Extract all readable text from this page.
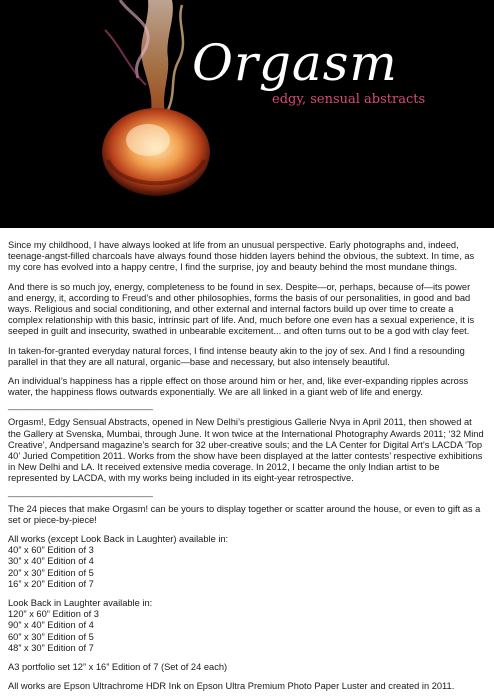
Orgasm
edgy, sensual abstracts

Since my childhood, I have always looked at life from an unusual perspective. Early photographs and, indeed, teenage-angst-filled charcoals have always found those hidden layers behind the obvious, the subtext. In time, as my core has evolved into a happy centre, I find the surprise, joy and beauty behind the most mundane things.

And there is so much joy, energy, completeness to be found in sex. Despite—or, perhaps, because of—its power and energy, it, according to Freud’s and other philosophies, forms the basis of our personalities, in good and bad ways. Religious and social conditioning, and other external and internal factors build up over time to create a complex relationship with this basic, intrinsic part of life. And, much before one even has a sexual experience, it is seeped in guilt and insecurity, swathed in unbearable excitement... and often turns out to be a god with clay feet.

In taken-for-granted everyday natural forces, I find intense beauty akin to the joy of sex. And I find a resounding parallel in that they are all natural, organic—base and necessary, but also intensely beautiful.

An individual’s happiness has a ripple effect on those around him or her, and, like ever-expanding ripples across water, the happiness flows outwards exponentially. We are all linked in a giant web of life and energy.

____________________________

Orgasm!, Edgy Sensual Abstracts, opened in New Delhi’s prestigious Gallerie Nvya in April 2011, then showed at the Gallery at Svenska, Mumbai, through June. It won twice at the International Photography Awards 2011; ‘32 Mind Creative’, Andpersand magazine’s search for 32 uber-creative souls; and the LA Center for Digital Art’s LACDA ‘Top 40’ Juried Competition 2011. Works from the show have been displayed at the latter contests’ respective exhibitions in New Delhi and LA. It received extensive media coverage. In 2012, I became the only Indian artist to be represented by LACDA, with my works being included in its eight-year retrospective.

____________________________

The 24 pieces that make Orgasm! can be yours to display together or scatter around the house, or even to gift as a set or piece-by-piece!

All works (except Look Back in Laughter) available in:

40” x 60” Edition of 3

30” x 40” Edition of 4

20” x 30” Edition of 5

16” x 20” Edition of 7

Look Back in Laughter available in:

120” x 60” Edition of 3

90” x 40” Edition of 4

60” x 30” Edition of 5

48” x 30” Edition of 7

A3 portfolio set 12” x 16” Edition of 7 (Set of 24 each)

All works are Epson Ultrachrome HDR Ink on Epson Ultra Premium Photo Paper Luster and created in 2011.
